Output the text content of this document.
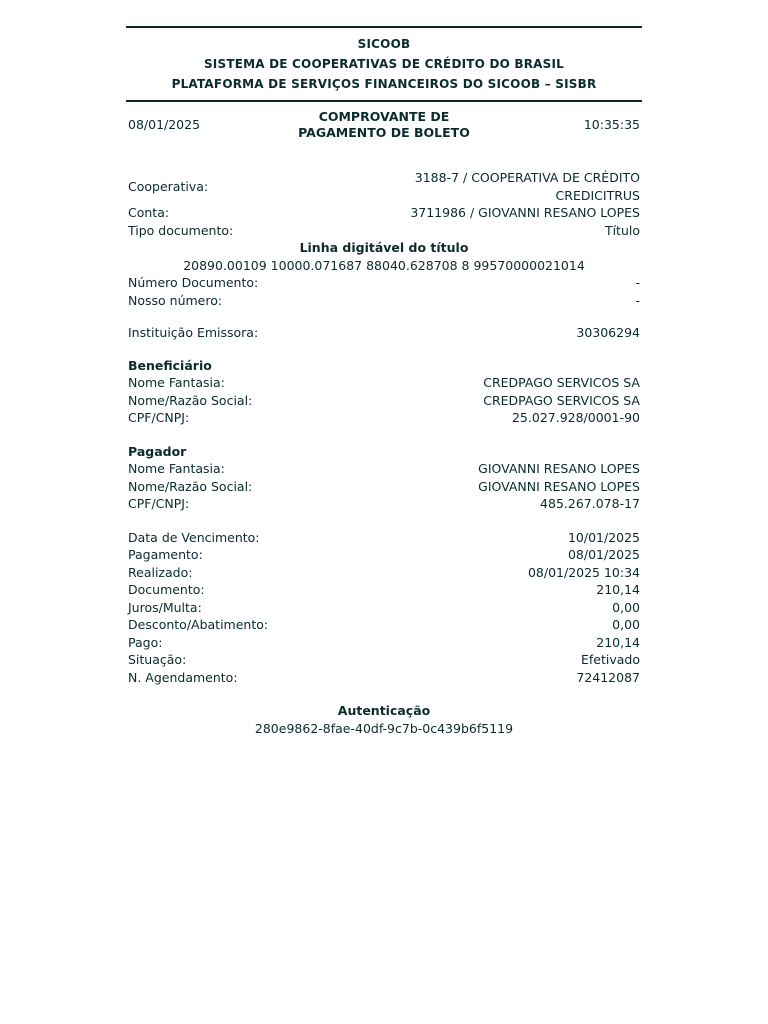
SICOOB
SISTEMA DE COOPERATIVAS DE CRÉDITO DO BRASIL
PLATAFORMA DE SERVIÇOS FINANCEIROS DO SICOOB – SISBR
08/01/2025
COMPROVANTE DE
PAGAMENTO DE BOLETO
10:35:35
Cooperativa:
3188-7 / COOPERATIVA DE CRÉDITO
CREDICITRUS
Conta:	3711986 / GIOVANNI RESANO LOPES
Tipo documento:	Título
Linha digitável do título
20890.00109 10000.071687 88040.628708 8 99570000021014
Número Documento:	-
Nosso número:	-
Instituição Emissora:	30306294
Beneficiário
Nome Fantasia:	CREDPAGO SERVICOS SA
Nome/Razão Social:	CREDPAGO SERVICOS SA
CPF/CNPJ:	25.027.928/0001-90
Pagador
Nome Fantasia:	GIOVANNI RESANO LOPES
Nome/Razão Social:	GIOVANNI RESANO LOPES
CPF/CNPJ:	485.267.078-17
Data de Vencimento:	10/01/2025
Pagamento:	08/01/2025
Realizado:	08/01/2025 10:34
Documento:	210,14
Juros/Multa:	0,00
Desconto/Abatimento:	0,00
Pago:	210,14
Situação:	Efetivado
N. Agendamento:	72412087
Autenticação
280e9862-8fae-40df-9c7b-0c439b6f5119
